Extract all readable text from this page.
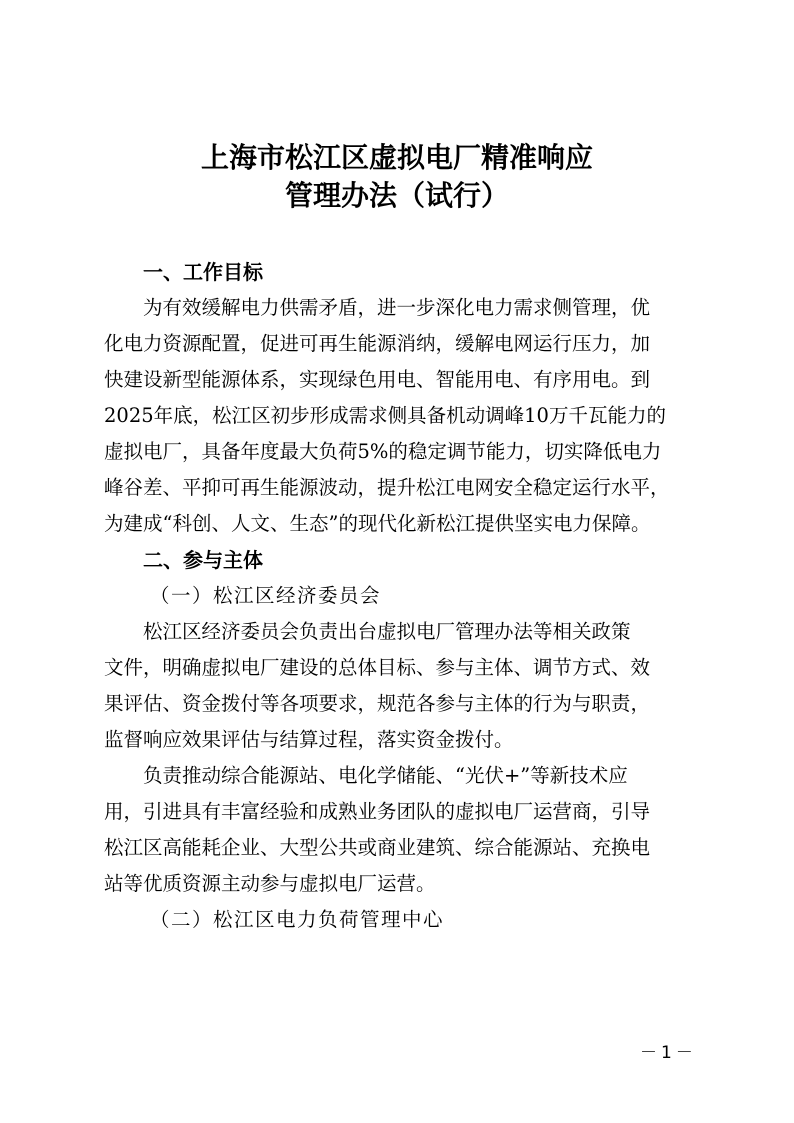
上海市松江区虚拟电厂精准响应
管理办法（试行）
一、工作目标
为有效缓解电力供需矛盾，进一步深化电力需求侧管理，优
化电力资源配置，促进可再生能源消纳，缓解电网运行压力，加
快建设新型能源体系，实现绿色用电、智能用电、有序用电。到
2025年底，松江区初步形成需求侧具备机动调峰10万千瓦能力的
虚拟电厂，具备年度最大负荷5%的稳定调节能力，切实降低电力
峰谷差、平抑可再生能源波动，提升松江电网安全稳定运行水平，
为建成“科创、人文、生态”的现代化新松江提供坚实电力保障。
二、参与主体
（一）松江区经济委员会
松江区经济委员会负责出台虚拟电厂管理办法等相关政策
文件，明确虚拟电厂建设的总体目标、参与主体、调节方式、效
果评估、资金拨付等各项要求，规范各参与主体的行为与职责，
监督响应效果评估与结算过程，落实资金拨付。
负责推动综合能源站、电化学储能、“光伏+”等新技术应
用，引进具有丰富经验和成熟业务团队的虚拟电厂运营商，引导
松江区高能耗企业、大型公共或商业建筑、综合能源站、充换电
站等优质资源主动参与虚拟电厂运营。
（二）松江区电力负荷管理中心
－1－
